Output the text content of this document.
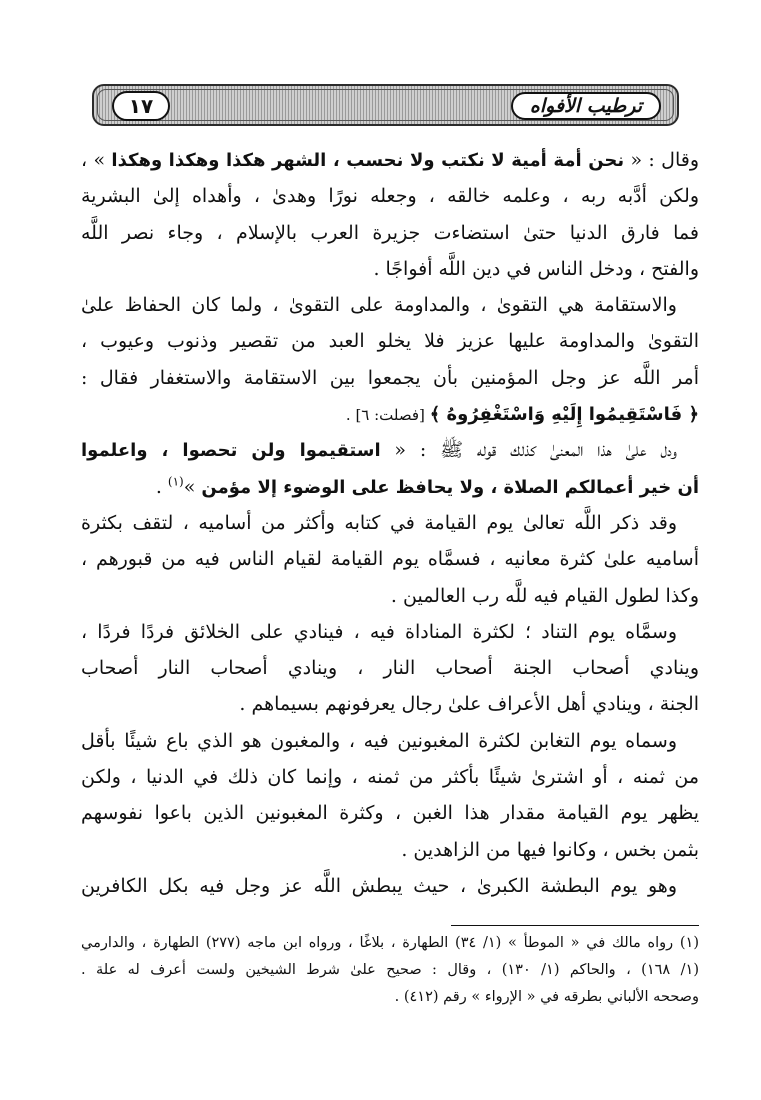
ترطيب الأفواه
١٧
وقال : « نحن أمة أمية لا نكتب ولا نحسب ، الشهر هكذا وهكذا وهكذا » ،
ولكن أدَّبه ربه ، وعلمه خالقه ، وجعله نورًا وهدىٰ ، وأهداه إلىٰ البشرية
فما فارق الدنيا حتىٰ استضاءت جزيرة العرب بالإسلام ، وجاء نصر اللَّه
والفتح ، ودخل الناس في دين اللَّه أفواجًا .
والاستقامة هي التقوىٰ ، والمداومة على التقوىٰ ، ولما كان الحفاظ علىٰ
التقوىٰ والمداومة عليها عزيز فلا يخلو العبد من تقصير وذنوب وعيوب ،
أمر اللَّه عز وجل المؤمنين بأن يجمعوا بين الاستقامة والاستغفار فقال :
﴿ فَاسْتَقِيمُوا إِلَيْهِ وَاسْتَغْفِرُوهُ ﴾ [فصلت: ٦] .
ودل علىٰ هذا المعنىٰ كذلك قوله ﷺ : « استقيموا ولن تحصوا ، واعلموا
أن خير أعمالكم الصلاة ، ولا يحافظ على الوضوء إلا مؤمن »$^{(١)}$ .
وقد ذكر اللَّه تعالىٰ يوم القيامة في كتابه وأكثر من أساميه ، لتقف بكثرة
أساميه علىٰ كثرة معانيه ، فسمَّاه يوم القيامة لقيام الناس فيه من قبورهم ،
وكذا لطول القيام فيه للَّه رب العالمين .
وسمَّاه يوم التناد ؛ لكثرة المناداة فيه ، فينادي على الخلائق فردًا فردًا ،
وينادي أصحاب الجنة أصحاب النار ، وينادي أصحاب النار أصحاب
الجنة ، وينادي أهل الأعراف علىٰ رجال يعرفونهم بسيماهم .
وسماه يوم التغابن لكثرة المغبونين فيه ، والمغبون هو الذي باع شيئًا بأقل
من ثمنه ، أو اشترىٰ شيئًا بأكثر من ثمنه ، وإنما كان ذلك في الدنيا ، ولكن
يظهر يوم القيامة مقدار هذا الغبن ، وكثرة المغبونين الذين باعوا نفوسهم
بثمن بخس ، وكانوا فيها من الزاهدين .
وهو يوم البطشة الكبرىٰ ، حيث يبطش اللَّه عز وجل فيه بكل الكافرين
(١) رواه مالك في « الموطأ » (١/ ٣٤) الطهارة ، بلاغًا ، ورواه ابن ماجه (٢٧٧) الطهارة ، والدارمي
(١/ ١٦٨) ، والحاكم (١/ ١٣٠) ، وقال : صحيح علىٰ شرط الشيخين ولست أعرف له علة .
وصححه الألباني بطرقه في « الإرواء » رقم (٤١٢) .
